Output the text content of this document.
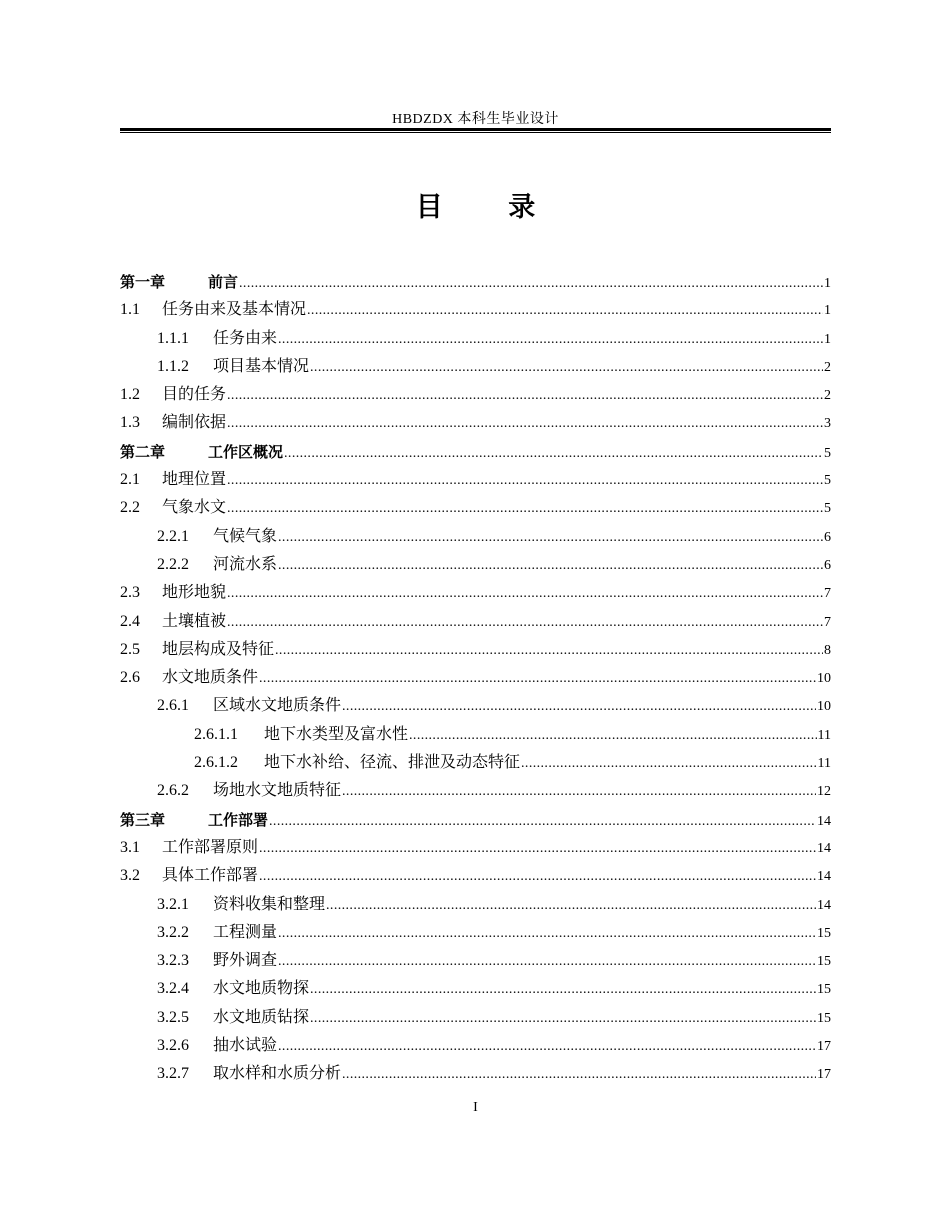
HBDZDX 本科生毕业设计
目 录
第一章	前言 .....	1
1.1	任务由来及基本情况 .....	1
1.1.1	任务由来 .....	1
1.1.2	项目基本情况 .....	2
1.2	目的任务 .....	2
1.3	编制依据 .....	3
第二章	工作区概况 .....	5
2.1	地理位置 .....	5
2.2	气象水文 .....	5
2.2.1	气候气象 .....	6
2.2.2	河流水系 .....	6
2.3	地形地貌 .....	7
2.4	土壤植被 .....	7
2.5	地层构成及特征 .....	8
2.6	水文地质条件 .....	10
2.6.1	区域水文地质条件 .....	10
2.6.1.1	地下水类型及富水性 .....	11
2.6.1.2	地下水补给、径流、排泄及动态特征 .....	11
2.6.2	场地水文地质特征 .....	12
第三章	工作部署 .....	14
3.1	工作部署原则 .....	14
3.2	具体工作部署 .....	14
3.2.1	资料收集和整理 .....	14
3.2.2	工程测量 .....	15
3.2.3	野外调查 .....	15
3.2.4	水文地质物探 .....	15
3.2.5	水文地质钻探 .....	15
3.2.6	抽水试验 .....	17
3.2.7	取水样和水质分析 .....	17
I
